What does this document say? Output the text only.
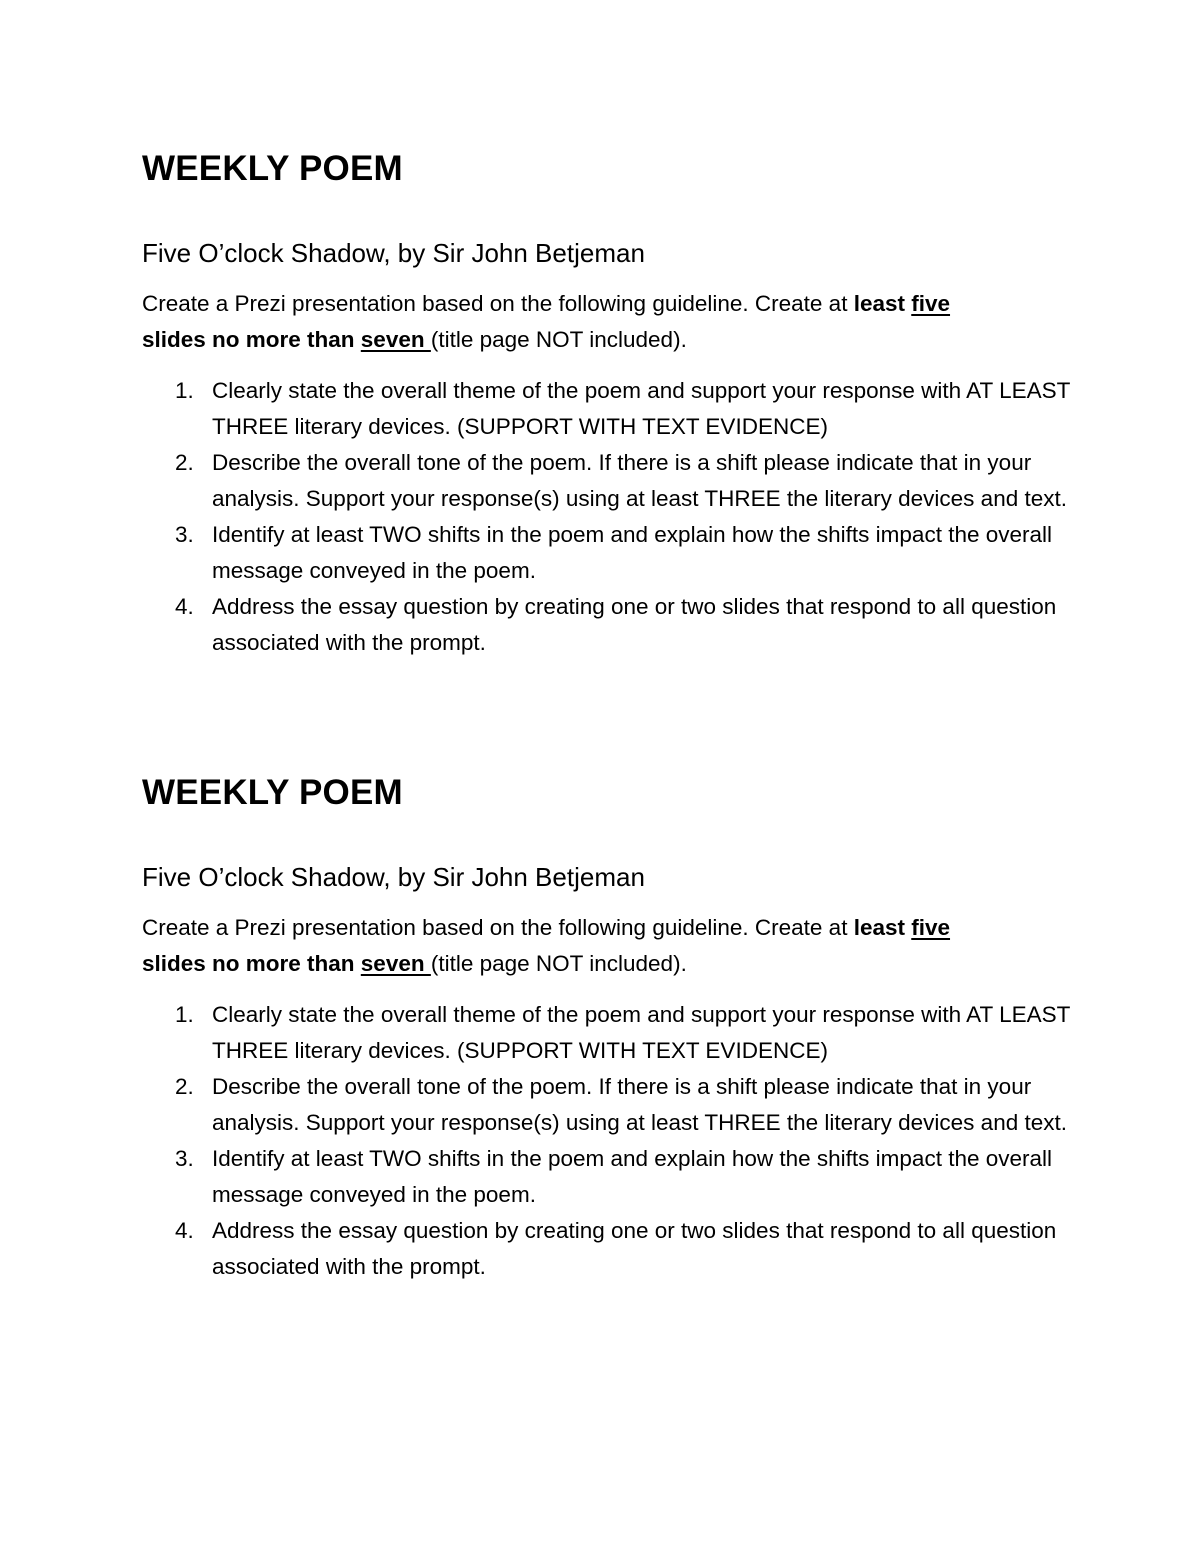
WEEKLY POEM

Five O’clock Shadow, by Sir John Betjeman

Create a Prezi presentation based on the following guideline. Create at least five
slides no more than seven (title page NOT included).

1. Clearly state the overall theme of the poem and support your response with AT LEAST THREE literary devices. (SUPPORT WITH TEXT EVIDENCE)
2. Describe the overall tone of the poem. If there is a shift please indicate that in your analysis. Support your response(s) using at least THREE the literary devices and text.
3. Identify at least TWO shifts in the poem and explain how the shifts impact the overall message conveyed in the poem.
4. Address the essay question by creating one or two slides that respond to all question associated with the prompt.
WEEKLY POEM

Five O’clock Shadow, by Sir John Betjeman

Create a Prezi presentation based on the following guideline. Create at least five
slides no more than seven (title page NOT included).

1. Clearly state the overall theme of the poem and support your response with AT LEAST THREE literary devices. (SUPPORT WITH TEXT EVIDENCE)
2. Describe the overall tone of the poem. If there is a shift please indicate that in your analysis. Support your response(s) using at least THREE the literary devices and text.
3. Identify at least TWO shifts in the poem and explain how the shifts impact the overall message conveyed in the poem.
4. Address the essay question by creating one or two slides that respond to all question associated with the prompt.
